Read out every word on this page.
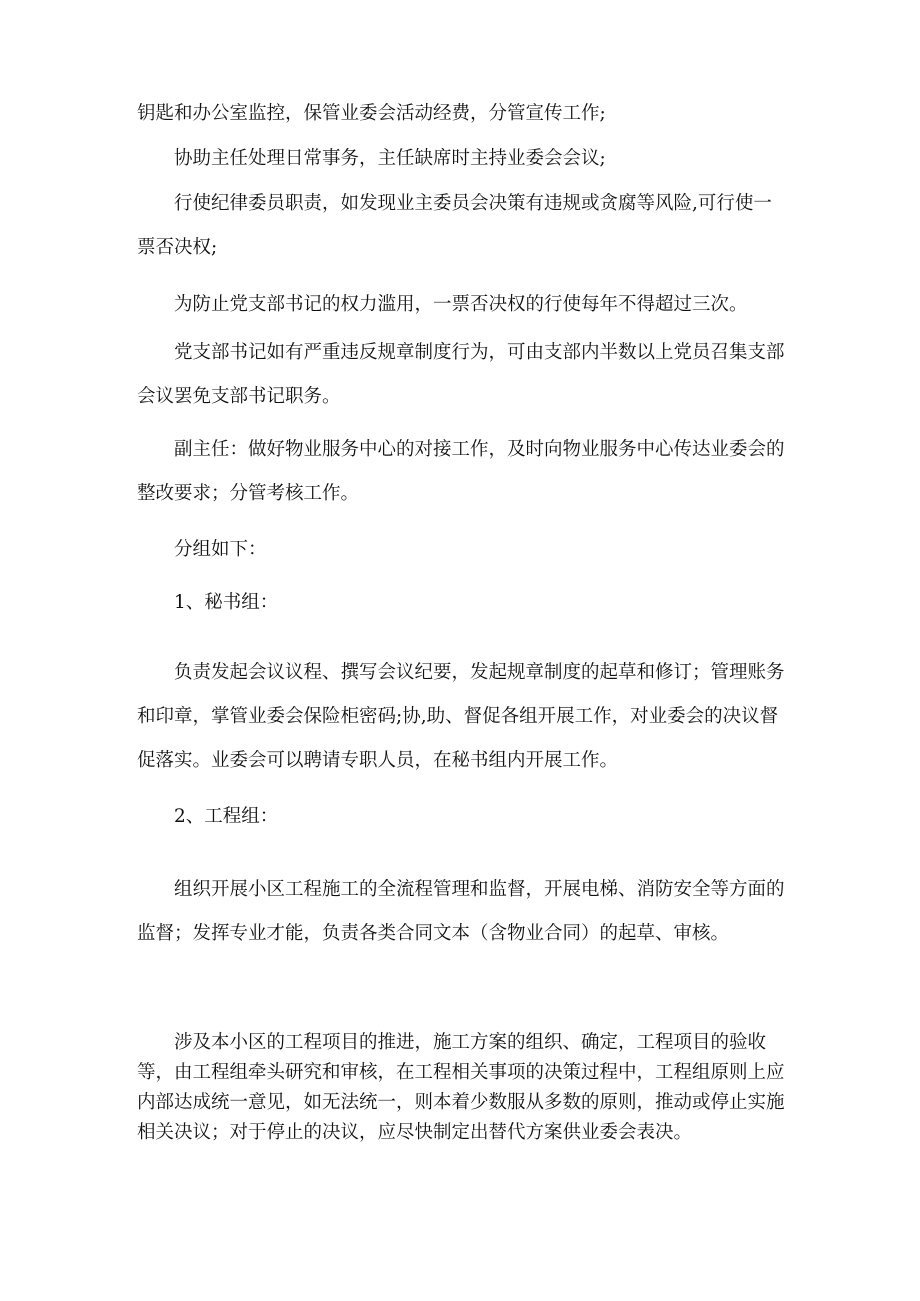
钥匙和办公室监控，保管业委会活动经费，分管宣传工作;

协助主任处理日常事务，主任缺席时主持业委会会议;

行使纪律委员职责，如发现业主委员会决策有违规或贪腐等风险,可行使一票否决权;

为防止党支部书记的权力滥用，一票否决权的行使每年不得超过三次。

党支部书记如有严重违反规章制度行为，可由支部内半数以上党员召集支部会议罢免支部书记职务。

副主任：做好物业服务中心的对接工作，及时向物业服务中心传达业委会的整改要求；分管考核工作。

分组如下：

1、秘书组：

负责发起会议议程、撰写会议纪要，发起规章制度的起草和修订；管理账务和印章，掌管业委会保险柜密码;协,助、督促各组开展工作，对业委会的决议督促落实。业委会可以聘请专职人员，在秘书组内开展工作。

2、工程组：

组织开展小区工程施工的全流程管理和监督，开展电梯、消防安全等方面的监督；发挥专业才能，负责各类合同文本（含物业合同）的起草、审核。

涉及本小区的工程项目的推进，施工方案的组织、确定，工程项目的验收等，由工程组牵头研究和审核，在工程相关事项的决策过程中，工程组原则上应内部达成统一意见，如无法统一，则本着少数服从多数的原则，推动或停止实施相关决议；对于停止的决议，应尽快制定出替代方案供业委会表决。
